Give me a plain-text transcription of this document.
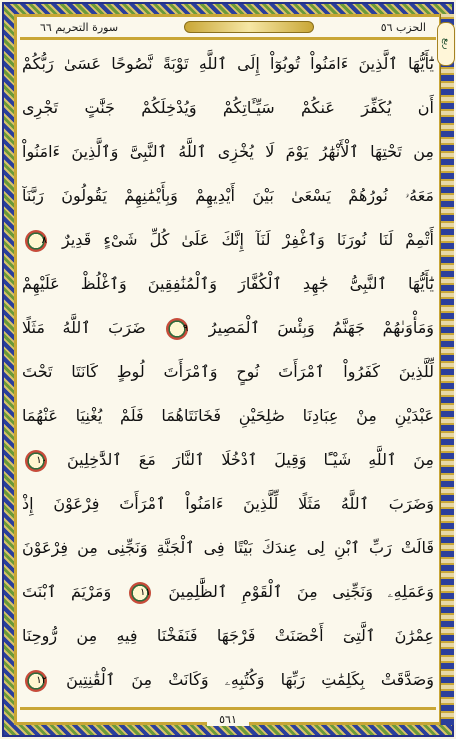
ربع
الحزب ٥٦
سورة التحريم ٦٦
يَٰٓأَيُّهَا ٱلَّذِينَ ءَامَنُواْ تُوبُوٓاْ إِلَى ٱللَّهِ تَوْبَةً نَّصُوحًا عَسَىٰ رَبُّكُمْ
أَن يُكَفِّرَ عَنكُمْ سَيِّـَٔاتِكُمْ وَيُدْخِلَكُمْ جَنَّٰتٍ تَجْرِى
مِن تَحْتِهَا ٱلْأَنْهَٰرُ يَوْمَ لَا يُخْزِى ٱللَّهُ ٱلنَّبِىَّ وَٱلَّذِينَ ءَامَنُواْ
مَعَهُۥ نُورُهُمْ يَسْعَىٰ بَيْنَ أَيْدِيهِمْ وَبِأَيْمَٰنِهِمْ يَقُولُونَ رَبَّنَآ
أَتْمِمْ لَنَا نُورَنَا وَٱغْفِرْ لَنَآ إِنَّكَ عَلَىٰ كُلِّ شَىْءٍ قَدِيرٌ ٨
يَٰٓأَيُّهَا ٱلنَّبِىُّ جَٰهِدِ ٱلْكُفَّارَ وَٱلْمُنَٰفِقِينَ وَٱغْلُظْ عَلَيْهِمْ
وَمَأْوَىٰهُمْ جَهَنَّمُ وَبِئْسَ ٱلْمَصِيرُ ٩ ضَرَبَ ٱللَّهُ مَثَلًا
لِّلَّذِينَ كَفَرُواْ ٱمْرَأَتَ نُوحٍ وَٱمْرَأَتَ لُوطٍ كَانَتَا تَحْتَ
عَبْدَيْنِ مِنْ عِبَادِنَا صَٰلِحَيْنِ فَخَانَتَاهُمَا فَلَمْ يُغْنِيَا عَنْهُمَا
مِنَ ٱللَّهِ شَيْـًٔا وَقِيلَ ٱدْخُلَا ٱلنَّارَ مَعَ ٱلدَّٰخِلِينَ ١٠
وَضَرَبَ ٱللَّهُ مَثَلًا لِّلَّذِينَ ءَامَنُواْ ٱمْرَأَتَ فِرْعَوْنَ إِذْ
قَالَتْ رَبِّ ٱبْنِ لِى عِندَكَ بَيْتًا فِى ٱلْجَنَّةِ وَنَجِّنِى مِن فِرْعَوْنَ
وَعَمَلِهِۦ وَنَجِّنِى مِنَ ٱلْقَوْمِ ٱلظَّٰلِمِينَ ١١ وَمَرْيَمَ ٱبْنَتَ
عِمْرَٰنَ ٱلَّتِىٓ أَحْصَنَتْ فَرْجَهَا فَنَفَخْنَا فِيهِ مِن رُّوحِنَا
وَصَدَّقَتْ بِكَلِمَٰتِ رَبِّهَا وَكُتُبِهِۦ وَكَانَتْ مِنَ ٱلْقَٰنِتِينَ ١٢
٥٦١
